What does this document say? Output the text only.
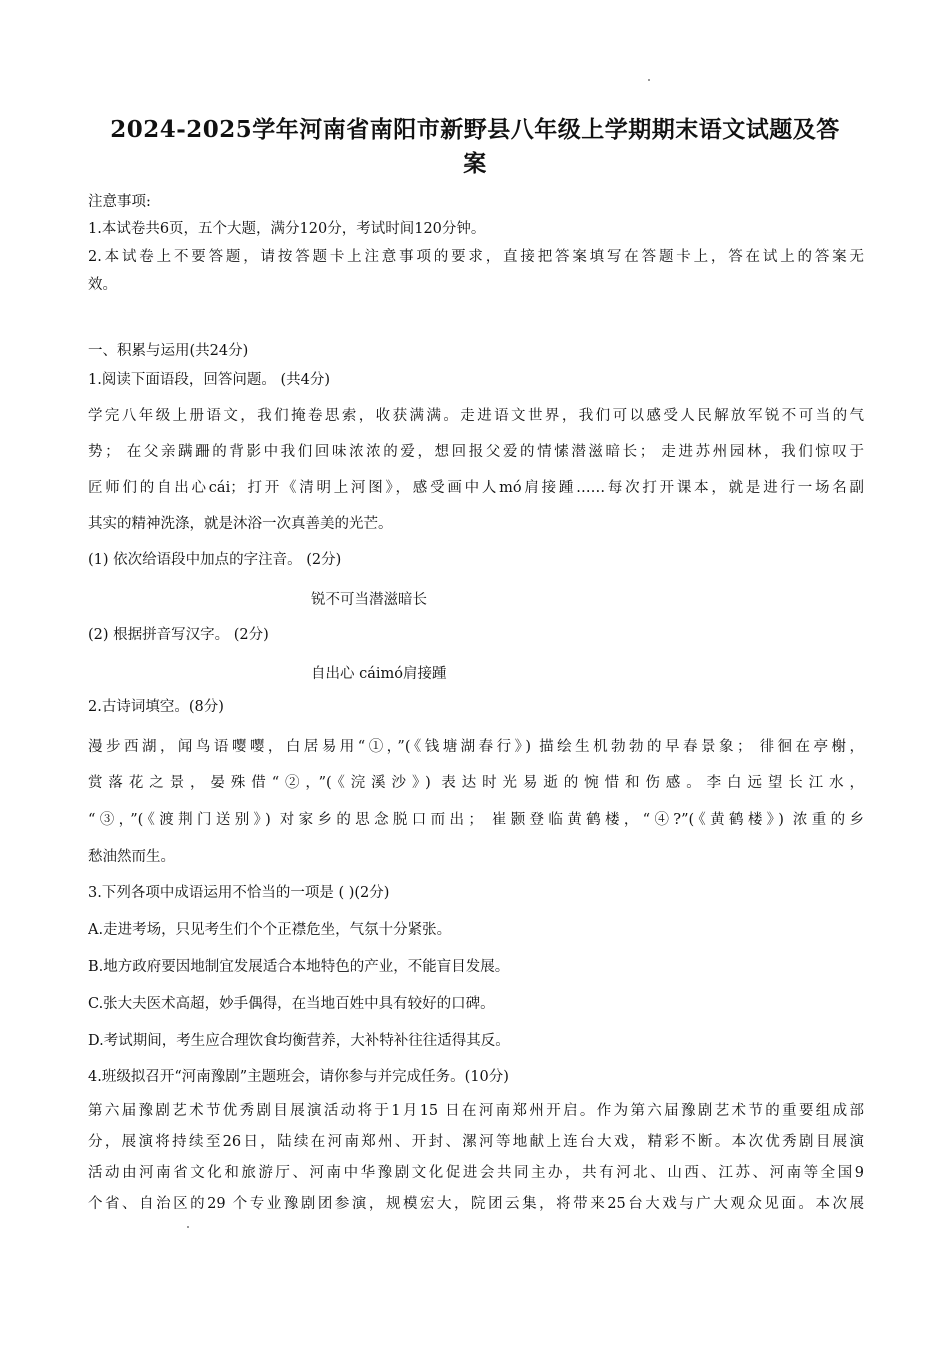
2024-2025学年河南省南阳市新野县八年级上学期期末语文试题及答
案
注意事项:
1.本试卷共6页，五个大题，满分120分，考试时间120分钟。
2.本试卷上不要答题，请按答题卡上注意事项的要求，直接把答案填写在答题卡上，答在试上的答案无
效。
一、积累与运用(共24分)
1.阅读下面语段，回答问题。 (共4分)
学完八年级上册语文，我们掩卷思索，收获满满。走进语文世界，我们可以感受人民解放军锐不可当的气
势； 在父亲蹒跚的背影中我们回味浓浓的爱，想回报父爱的情愫潜滋暗长； 走进苏州园林，我们惊叹于
匠师们的自出心cái；打开《清明上河图》，感受画中人mó肩接踵……每次打开课本，就是进行一场名副
其实的精神洗涤，就是沐浴一次真善美的光芒。
(1) 依次给语段中加点的字注音。 (2分)
锐不可当潜滋暗长
(2) 根据拼音写汉字。 (2分)
自出心 cáimó肩接踵
2.古诗词填空。(8分)
漫步西湖，闻鸟语嘤嘤，白居易用“①，”(《钱塘湖春行》) 描绘生机勃勃的早春景象； 徘徊在亭榭，
赏落花之景，晏殊借“②，”(《浣溪沙》) 表达时光易逝的惋惜和伤感。李白远望长江水，
“③，”(《渡荆门送别》) 对家乡的思念脱口而出； 崔颢登临黄鹤楼，“④?”(《黄鹤楼》) 浓重的乡
愁油然而生。
3.下列各项中成语运用不恰当的一项是 ( )(2分)
A.走进考场，只见考生们个个正襟危坐，气氛十分紧张。
B.地方政府要因地制宜发展适合本地特色的产业，不能盲目发展。
C.张大夫医术高超，妙手偶得，在当地百姓中具有较好的口碑。
D.考试期间，考生应合理饮食均衡营养，大补特补往往适得其反。
4.班级拟召开“河南豫剧”主题班会，请你参与并完成任务。(10分)
第六届豫剧艺术节优秀剧目展演活动将于1月15 日在河南郑州开启。作为第六届豫剧艺术节的重要组成部
分，展演将持续至26日，陆续在河南郑州、开封、漯河等地献上连台大戏，精彩不断。本次优秀剧目展演
活动由河南省文化和旅游厅、河南中华豫剧文化促进会共同主办，共有河北、山西、江苏、河南等全国9
个省、自治区的29 个专业豫剧团参演，规模宏大，院团云集，将带来25台大戏与广大观众见面。本次展
